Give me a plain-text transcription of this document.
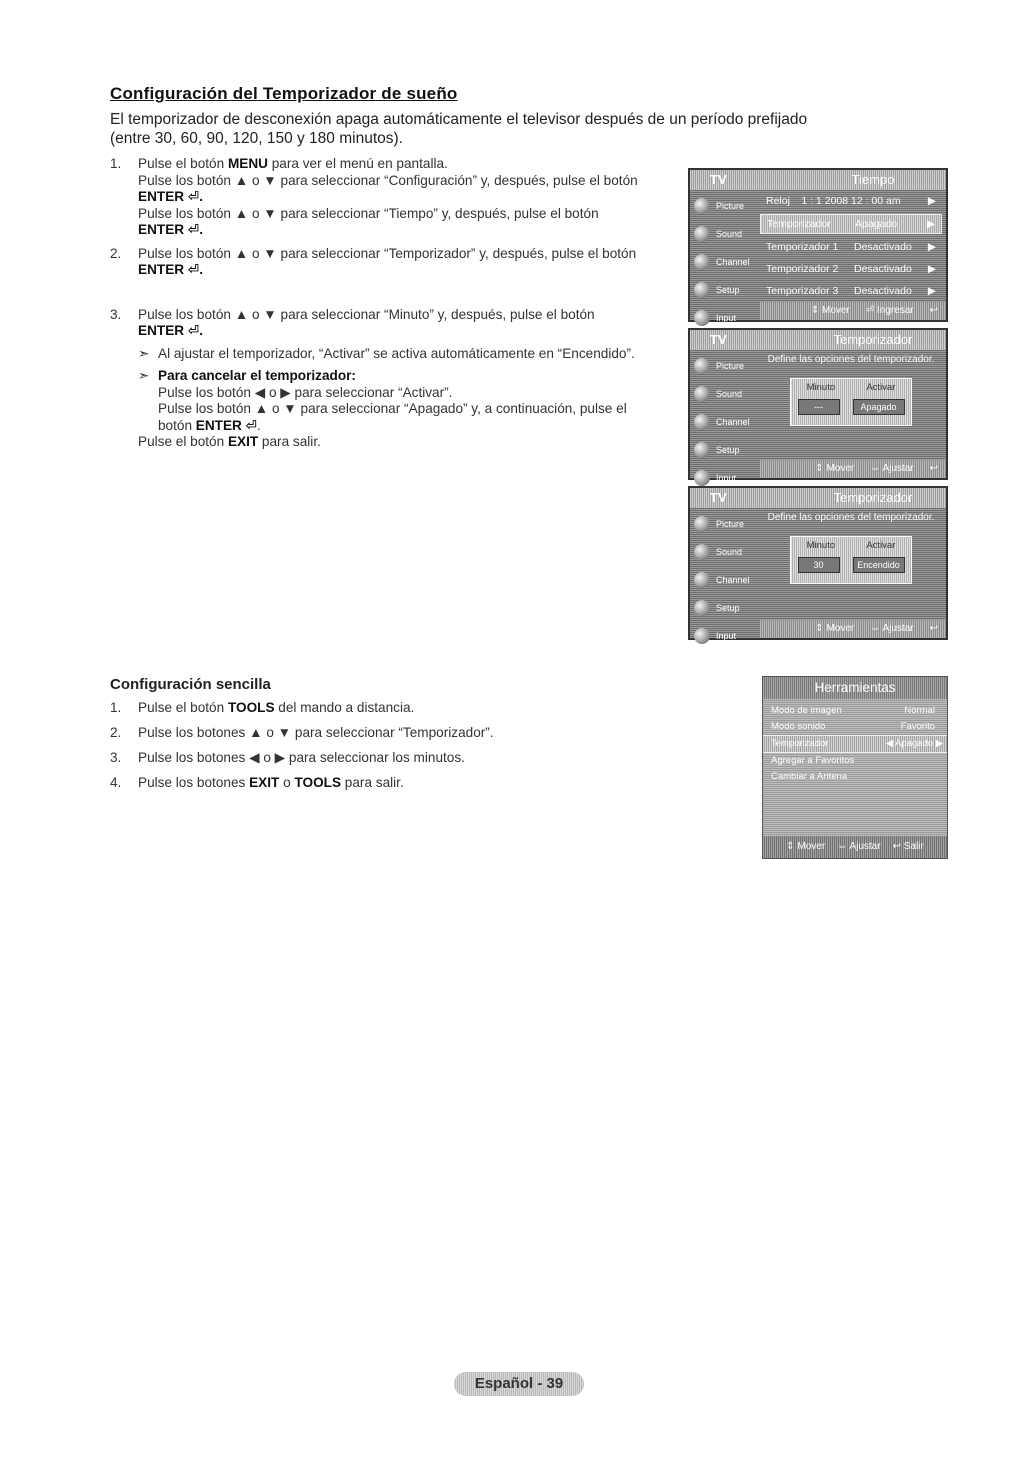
Configuración del Temporizador de sueño
El temporizador de desconexión apaga automáticamente el televisor después de un período prefijado
(entre 30, 60, 90, 120, 150 y 180 minutos).
1. Pulse el botón MENU para ver el menú en pantalla.

Pulse los botón ▲ o ▼ para seleccionar “Configuración” y, después, pulse el botón

ENTER ⏎.

Pulse los botón ▲ o ▼ para seleccionar “Tiempo” y, después, pulse el botón

ENTER ⏎.

2. Pulse los botón ▲ o ▼ para seleccionar “Temporizador” y, después, pulse el botón

ENTER ⏎.

3. Pulse los botón ▲ o ▼ para seleccionar “Minuto” y, después, pulse el botón

ENTER ⏎.

➣ Al ajustar el temporizador, “Activar” se activa automáticamente en “Encendido”.

➣ Para cancelar el temporizador:

Pulse los botón ◀ o ▶ para seleccionar “Activar”.

Pulse los botón ▲ o ▼ para seleccionar “Apagado” y, a continuación, pulse el

botón ENTER ⏎.

Pulse el botón EXIT para salir.

TV	Tiempo
Picture
Sound
Channel
Setup
Input
Reloj	1 : 1 2008 12 : 00 am	▶
Temporizador Apagado	▶
Temporizador 1 Desactivado ▶
Temporizador 2 Desactivado ▶
Temporizador 3 Desactivado ▶
⇕ Mover ⏎ Ingresar ↩
TV	Temporizador
Picture
Sound
Channel
Setup
Input
Define las opciones del temporizador.
Minuto	Activar
---	Apagado
⇕ Mover ⇔ Ajustar ↩
TV	Temporizador
Picture
Sound
Channel
Setup
Input
Define las opciones del temporizador.
Minuto	Activar
30	Encendido
⇕ Mover ⇔ Ajustar ↩ Regresar
Configuración sencilla
1. Pulse el botón TOOLS del mando a distancia.
2. Pulse los botones ▲ o ▼ para seleccionar “Temporizador”.
3. Pulse los botones ◀ o ▶ para seleccionar los minutos.
4. Pulse los botones EXIT o TOOLS para salir.
Herramientas
Modo de imagen	Normal
Modo sonido	Favorito
Temporizador	◀ Apagado ▶
Agregar a Favoritos
Cambiar a Antena
⇕ Mover ⇔ Ajustar ↩ Salir
Español - 39
